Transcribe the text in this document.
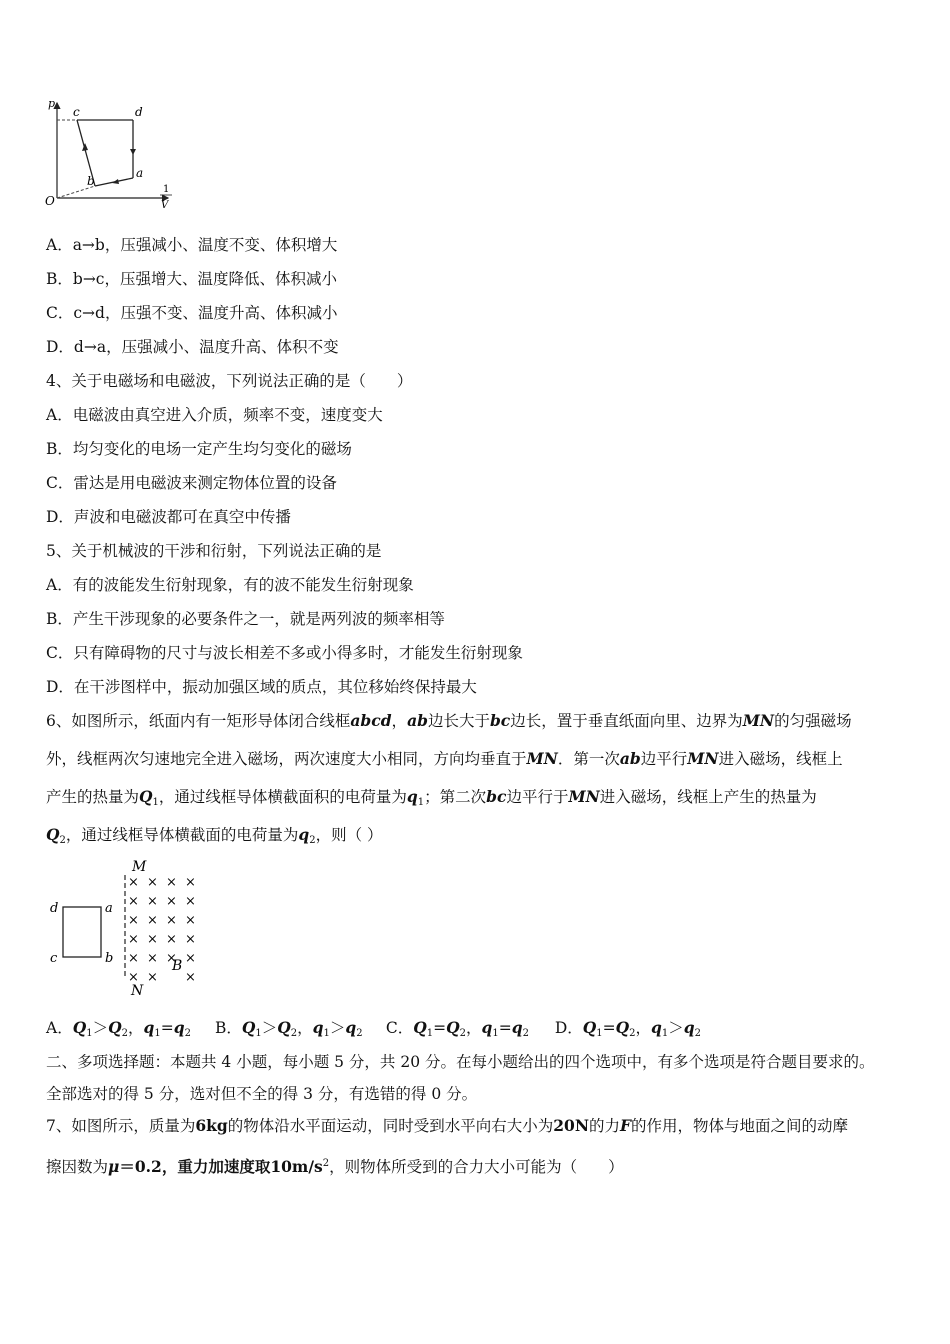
p
O
c	d
a
b
1
V
A．a→b，压强减小、温度不变、体积增大
B．b→c，压强增大、温度降低、体积减小
C．c→d，压强不变、温度升高、体积减小
D．d→a，压强减小、温度升高、体积不变
4、关于电磁场和电磁波，下列说法正确的是（　　）
A．电磁波由真空进入介质，频率不变，速度变大
B．均匀变化的电场一定产生均匀变化的磁场
C．雷达是用电磁波来测定物体位置的设备
D．声波和电磁波都可在真空中传播
5、关于机械波的干涉和衍射，下列说法正确的是
A．有的波能发生衍射现象，有的波不能发生衍射现象
B．产生干涉现象的必要条件之一，就是两列波的频率相等
C．只有障碍物的尺寸与波长相差不多或小得多时，才能发生衍射现象
D．在干涉图样中，振动加强区域的质点，其位移始终保持最大
6、如图所示，纸面内有一矩形导体闭合线框abcd，ab边长大于bc边长，置于垂直纸面向里、边界为MN的匀强磁场
外，线框两次匀速地完全进入磁场，两次速度大小相同，方向均垂直于MN．第一次ab边平行MN进入磁场，线框上
产生的热量为$Q_1$，通过线框导体横截面积的电荷量为$q_1$；第二次bc边平行于MN进入磁场，线框上产生的热量为
$Q_2$，通过线框导体横截面的电荷量为$q_2$，则（ ）
M
N
d	a
c	b
× × × ×
× × × ×
× × × ×
× × × ×
× × × ×
× × ×
B
A．$Q_1>Q_2$，$q_1=q_2$ B．$Q_1>Q_2$，$q_1>q_2$ C．$Q_1=Q_2$，$q_1=q_2$ D．$Q_1=Q_2$，$q_1>q_2$
二、多项选择题：本题共 4 小题，每小题 5 分，共 20 分。在每小题给出的四个选项中，有多个选项是符合题目要求的。
全部选对的得 5 分，选对但不全的得 3 分，有选错的得 0 分。
7、如图所示，质量为6kg的物体沿水平面运动，同时受到水平向右大小为20N的力F的作用，物体与地面之间的动摩
擦因数为μ＝0.2，重力加速度取$10m/s^2$，则物体所受到的合力大小可能为（　　）
